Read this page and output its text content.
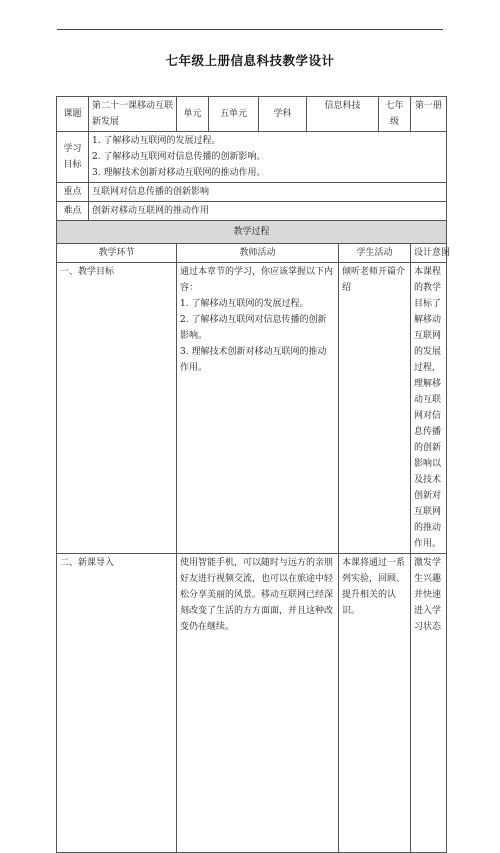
七年级上册信息科技教学设计
课题	第二十一课移动互联新发展	单元	五单元	学科	信息科技		七年级	第一册
学习目标	1. 了解移动互联网的发展过程。

2. 了解移动互联网对信息传播的创新影响。

3. 理解技术创新对移动互联网的推动作用。							

重点	互联网对信息传播的创新影响							
难点	创新对移动互联网的推动作用							
教学过程								
教学环节		教师活动				学生活动		设计意图
一、教学目标		通过本章节的学习，你应该掌握以下内容：

1. 了解移动互联网的发展过程。

2. 了解移动互联网对信息传播的创新影响。

3. 理解技术创新对移动互联网的推动作用。				倾听老师开篇介绍		本课程的教学目标了解移动互联网的发展过程，理解移动互联网对信息传播的创新影响以及技术创新对互联网的推动作用。
二、新课导入		使用智能手机，可以随时与远方的亲朋好友进行视频交流，也可以在旅途中轻松分享美丽的风景。移动互联网已经深刻改变了生活的方方面面，并且这种改变仍在继续。				本课将通过一系列实验，回顾、提升相关的认识。		激发学生兴趣并快速进入学习状态
